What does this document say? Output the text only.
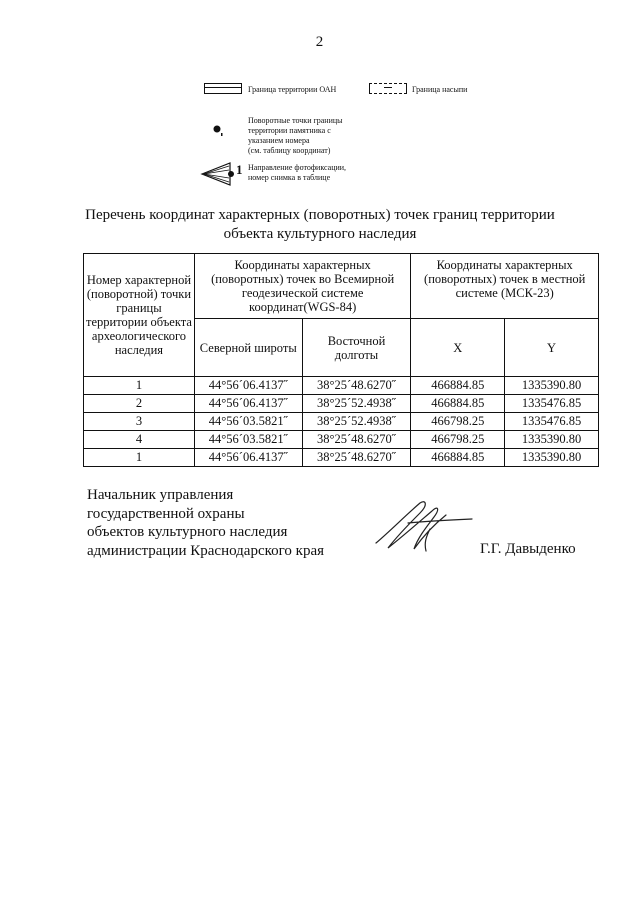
2
Граница территории ОАН	Граница насыпи
Поворотные точки границы
территории памятника с
указанием номера
(см. таблицу координат)
1 Направление фотофиксации,
номер снимка в таблице
Перечень координат характерных (поворотных) точек границ территории
объекта культурного наследия
Номер характерной (поворотной) точки границы территории объекта археологического наследия	Координаты характерных (поворотных) точек во Всемирной геодезической системе координат(WGS-84)		Координаты характерных (поворотных) точек в местной системе (МСК-23)	
	Северной широты	Восточной долготы	X	Y
1	44°56´06.4137˝	38°25´48.6270˝	466884.85	1335390.80
2	44°56´06.4137˝	38°25´52.4938˝	466884.85	1335476.85
3	44°56´03.5821˝	38°25´52.4938˝	466798.25	1335476.85
4	44°56´03.5821˝	38°25´48.6270˝	466798.25	1335390.80
1	44°56´06.4137˝	38°25´48.6270˝	466884.85	1335390.80
Начальник управления
государственной охраны
объектов культурного наследия
администрации Краснодарского края	Г.Г. Давыденко
